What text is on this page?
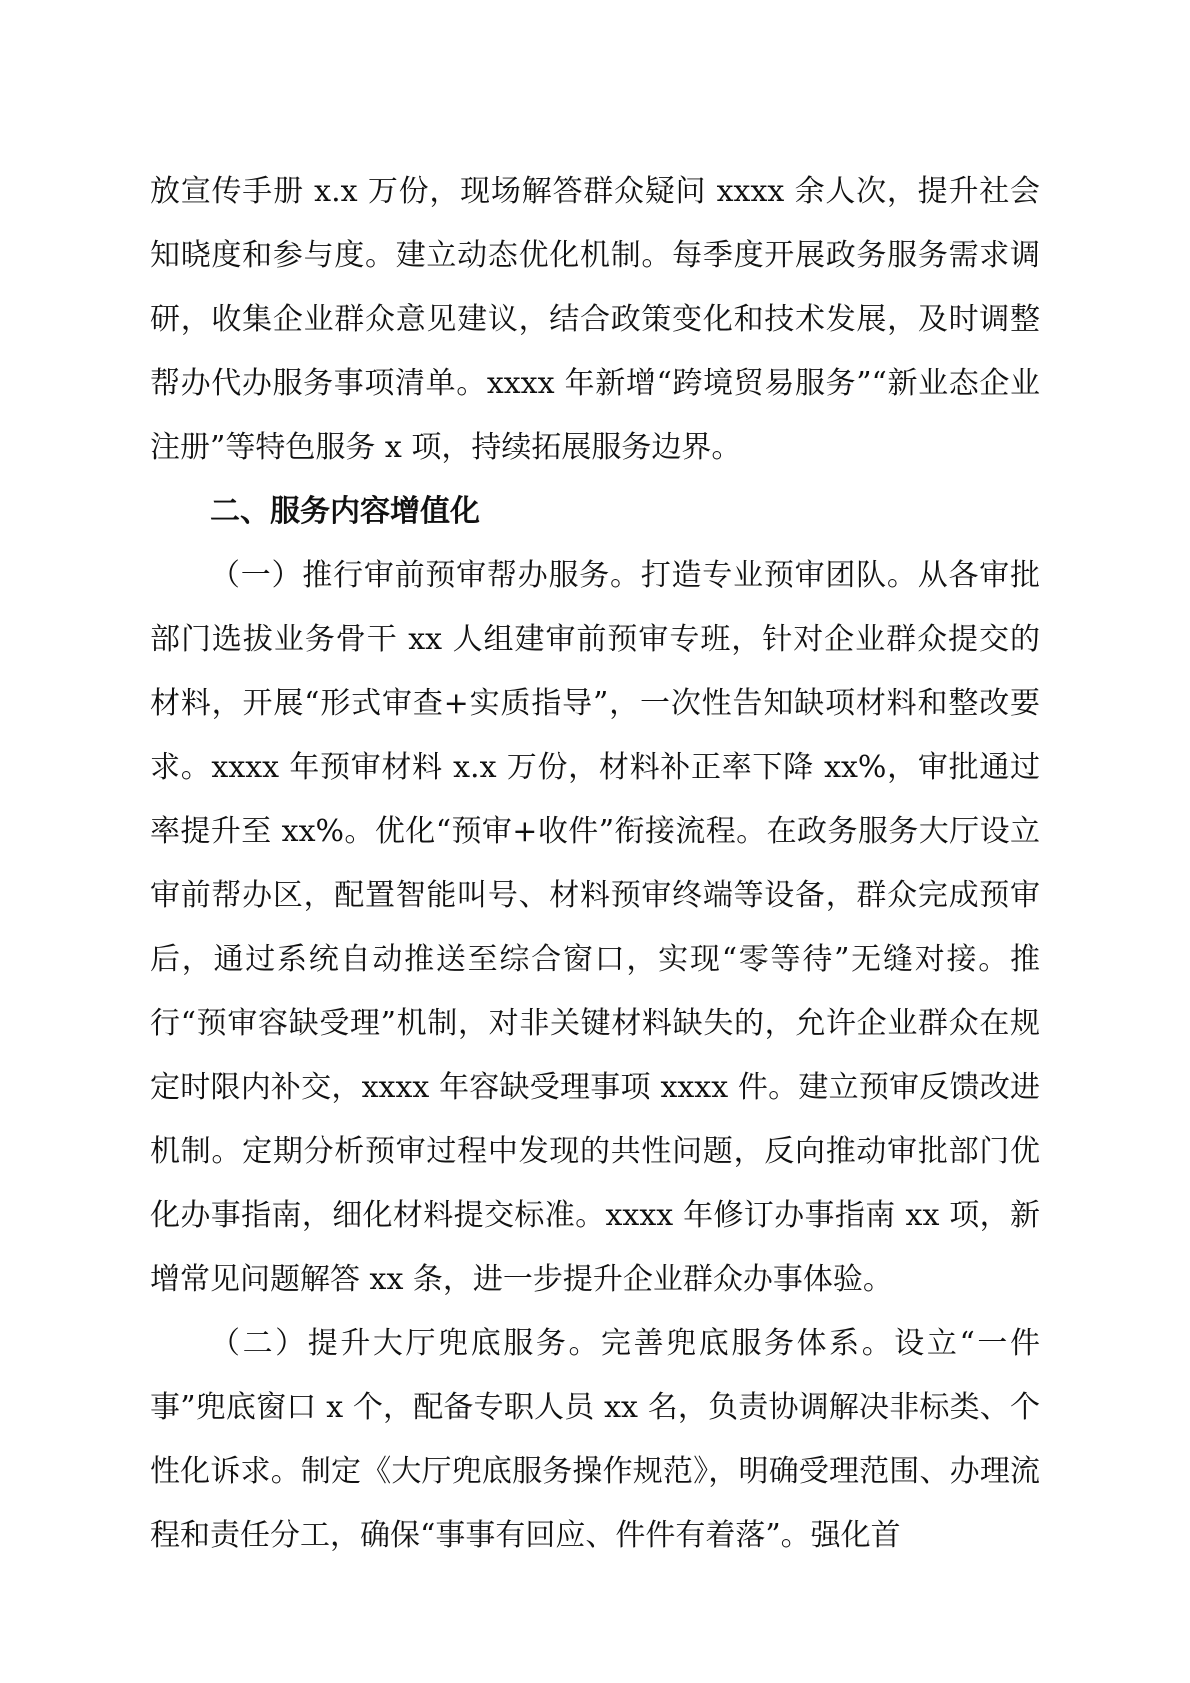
放宣传手册 x.x 万份，现场解答群众疑问 xxxx 余人次，提升社会知晓度和参与度。建立动态优化机制。每季度开展政务服务需求调研，收集企业群众意见建议，结合政策变化和技术发展，及时调整帮办代办服务事项清单。xxxx 年新增“跨境贸易服务”“新业态企业注册”等特色服务 x 项，持续拓展服务边界。

二、服务内容增值化

（一）推行审前预审帮办服务。打造专业预审团队。从各审批部门选拔业务骨干 xx 人组建审前预审专班，针对企业群众提交的材料，开展“形式审查+实质指导”，一次性告知缺项材料和整改要求。xxxx 年预审材料 x.x 万份，材料补正率下降 xx%，审批通过率提升至 xx%。优化“预审+收件”衔接流程。在政务服务大厅设立审前帮办区，配置智能叫号、材料预审终端等设备，群众完成预审后，通过系统自动推送至综合窗口，实现“零等待”无缝对接。推行“预审容缺受理”机制，对非关键材料缺失的，允许企业群众在规定时限内补交，xxxx 年容缺受理事项 xxxx 件。建立预审反馈改进机制。定期分析预审过程中发现的共性问题，反向推动审批部门优化办事指南，细化材料提交标准。xxxx 年修订办事指南 xx 项，新增常见问题解答 xx 条，进一步提升企业群众办事体验。

（二）提升大厅兜底服务。完善兜底服务体系。设立“一件事”兜底窗口 x 个，配备专职人员 xx 名，负责协调解决非标类、个性化诉求。制定《大厅兜底服务操作规范》，明确受理范围、办理流程和责任分工，确保“事事有回应、件件有着落”。强化首
